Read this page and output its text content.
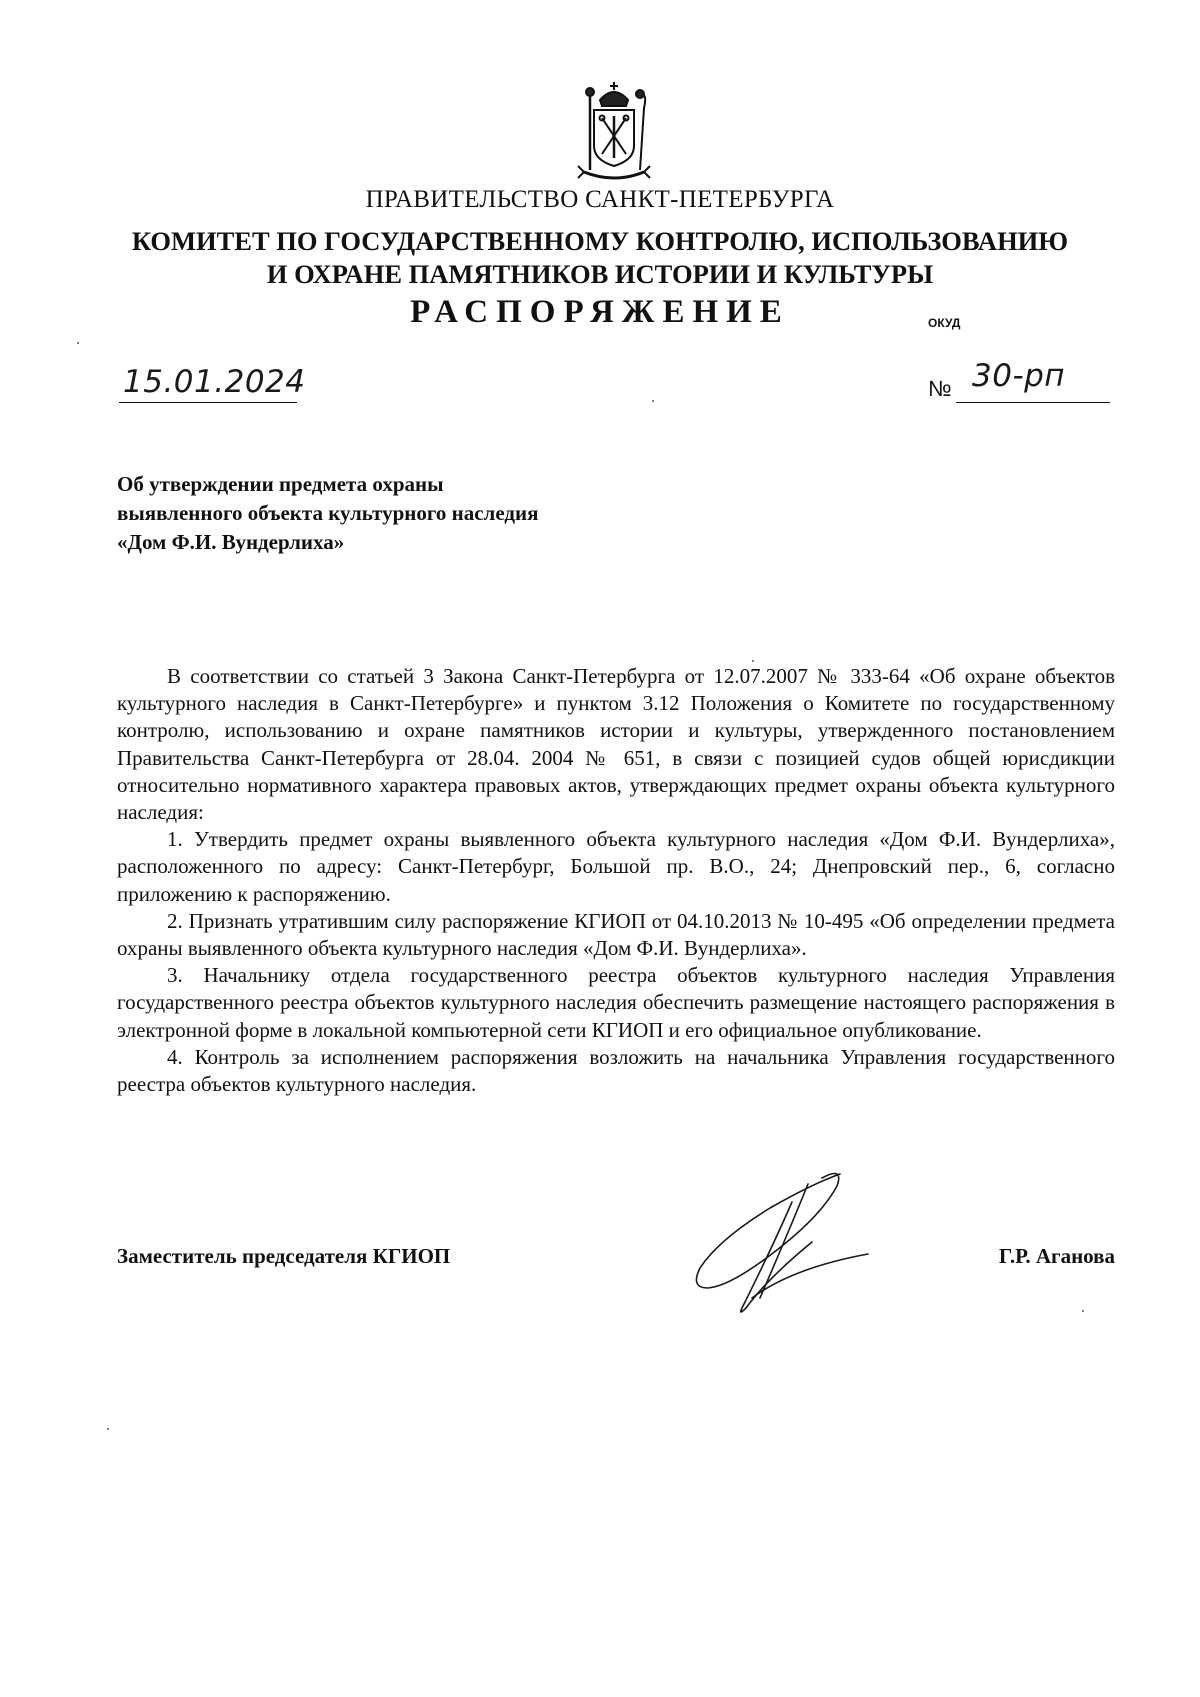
ПРАВИТЕЛЬСТВО САНКТ-ПЕТЕРБУРГА
КОМИТЕТ ПО ГОСУДАРСТВЕННОМУ КОНТРОЛЮ, ИСПОЛЬЗОВАНИЮ
И ОХРАНЕ ПАМЯТНИКОВ ИСТОРИИ И КУЛЬТУРЫ
РАСПОРЯЖЕНИЕ	ОКУД
15.01.2024	№ 30-рп
Об утверждении предмета охраны
выявленного объекта культурного наследия
«Дом Ф.И. Вундерлиха»

В соответствии со статьей 3 Закона Санкт-Петербурга от 12.07.2007 № 333-64 «Об охране объектов культурного наследия в Санкт-Петербурге» и пунктом 3.12 Положения о Комитете по государственному контролю, использованию и охране памятников истории и культуры, утвержденного постановлением Правительства Санкт-Петербурга от 28.04. 2004 № 651, в связи с позицией судов общей юрисдикции относительно нормативного характера правовых актов, утверждающих предмет охраны объекта культурного наследия:

1. Утвердить предмет охраны выявленного объекта культурного наследия «Дом Ф.И. Вундерлиха», расположенного по адресу: Санкт-Петербург, Большой пр. В.О., 24; Днепровский пер., 6, согласно приложению к распоряжению.

2. Признать утратившим силу распоряжение КГИОП от 04.10.2013 № 10-495 «Об определении предмета охраны выявленного объекта культурного наследия «Дом Ф.И. Вундерлиха».

3. Начальнику отдела государственного реестра объектов культурного наследия Управления государственного реестра объектов культурного наследия обеспечить размещение настоящего распоряжения в электронной форме в локальной компьютерной сети КГИОП и его официальное опубликование.

4. Контроль за исполнением распоряжения возложить на начальника Управления государственного реестра объектов культурного наследия.

Заместитель председателя КГИОП	Г.Р. Аганова
